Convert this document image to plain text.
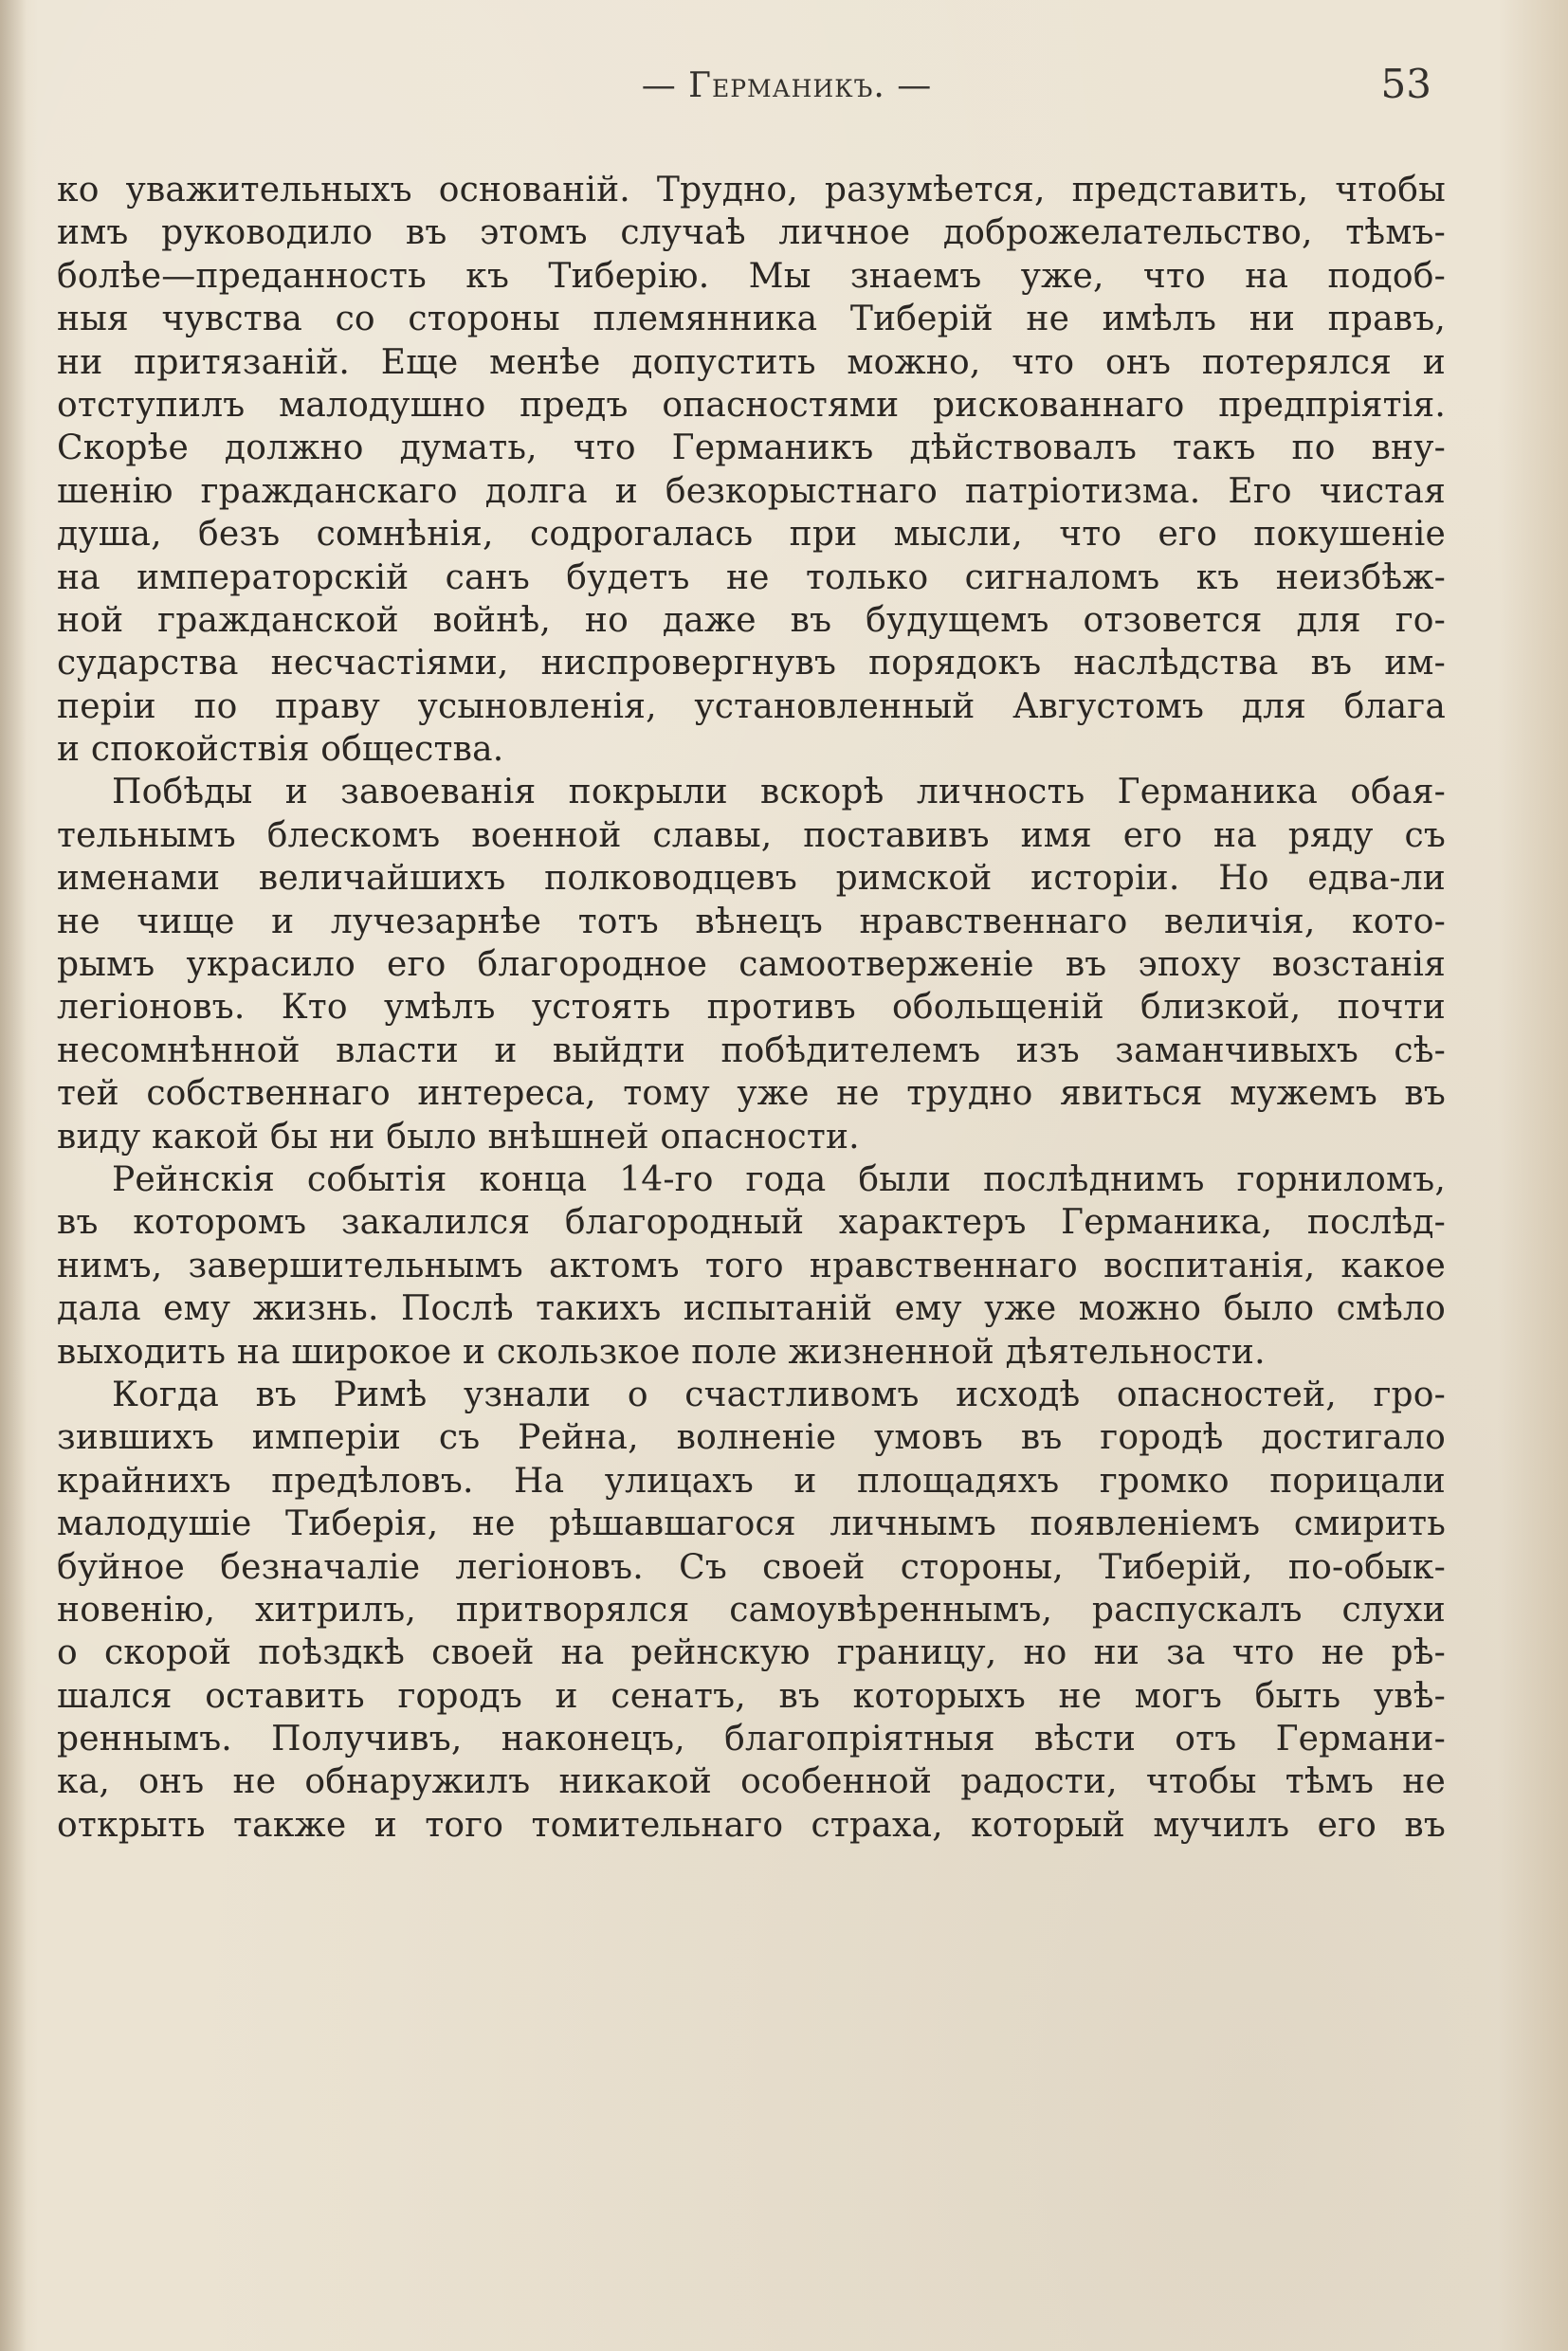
— Германикъ. —	53
ко уважительныхъ основаній. Трудно, разумѣется, представить, чтобы
имъ руководило въ этомъ случаѣ личное доброжелательство, тѣмъ-
болѣе—преданность къ Тиберію. Мы знаемъ уже, что на подоб-
ныя чувства со стороны племянника Тиберій не имѣлъ ни правъ,
ни притязаній. Еще менѣе допустить можно, что онъ потерялся и
отступилъ малодушно предъ опасностями рискованнаго предпріятія.
Скорѣе должно думать, что Германикъ дѣйствовалъ такъ по вну-
шенію гражданскаго долга и безкорыстнаго патріотизма. Его чистая
душа, безъ сомнѣнія, содрогалась при мысли, что его покушеніе
на императорскій санъ будетъ не только сигналомъ къ неизбѣж-
ной гражданской войнѣ, но даже въ будущемъ отзовется для го-
сударства несчастіями, ниспровергнувъ порядокъ наслѣдства въ им-
періи по праву усыновленія, установленный Августомъ для блага
и спокойствія общества.
Побѣды и завоеванія покрыли вскорѣ личность Германика обая-
тельнымъ блескомъ военной славы, поставивъ имя его на ряду съ
именами величайшихъ полководцевъ римской исторіи. Но едва-ли
не чище и лучезарнѣе тотъ вѣнецъ нравственнаго величія, кото-
рымъ украсило его благородное самоотверженіе въ эпоху возстанія
легіоновъ. Кто умѣлъ устоять противъ обольщеній близкой, почти
несомнѣнной власти и выйдти побѣдителемъ изъ заманчивыхъ сѣ-
тей собственнаго интереса, тому уже не трудно явиться мужемъ въ
виду какой бы ни было внѣшней опасности.
Рейнскія событія конца 14-го года были послѣднимъ горниломъ,
въ которомъ закалился благородный характеръ Германика, послѣд-
нимъ, завершительнымъ актомъ того нравственнаго воспитанія, какое
дала ему жизнь. Послѣ такихъ испытаній ему уже можно было смѣло
выходить на широкое и скользкое поле жизненной дѣятельности.
Когда въ Римѣ узнали о счастливомъ исходѣ опасностей, гро-
зившихъ имперіи съ Рейна, волненіе умовъ въ городѣ достигало
крайнихъ предѣловъ. На улицахъ и площадяхъ громко порицали
малодушіе Тиберія, не рѣшавшагося личнымъ появленіемъ смирить
буйное безначаліе легіоновъ. Съ своей стороны, Тиберій, по-обык-
новенію, хитрилъ, притворялся самоувѣреннымъ, распускалъ слухи
о скорой поѣздкѣ своей на рейнскую границу, но ни за что не рѣ-
шался оставить городъ и сенатъ, въ которыхъ не могъ быть увѣ-
реннымъ. Получивъ, наконецъ, благопріятныя вѣсти отъ Германи-
ка, онъ не обнаружилъ никакой особенной радости, чтобы тѣмъ не
открыть также и того томительнаго страха, который мучилъ его въ
